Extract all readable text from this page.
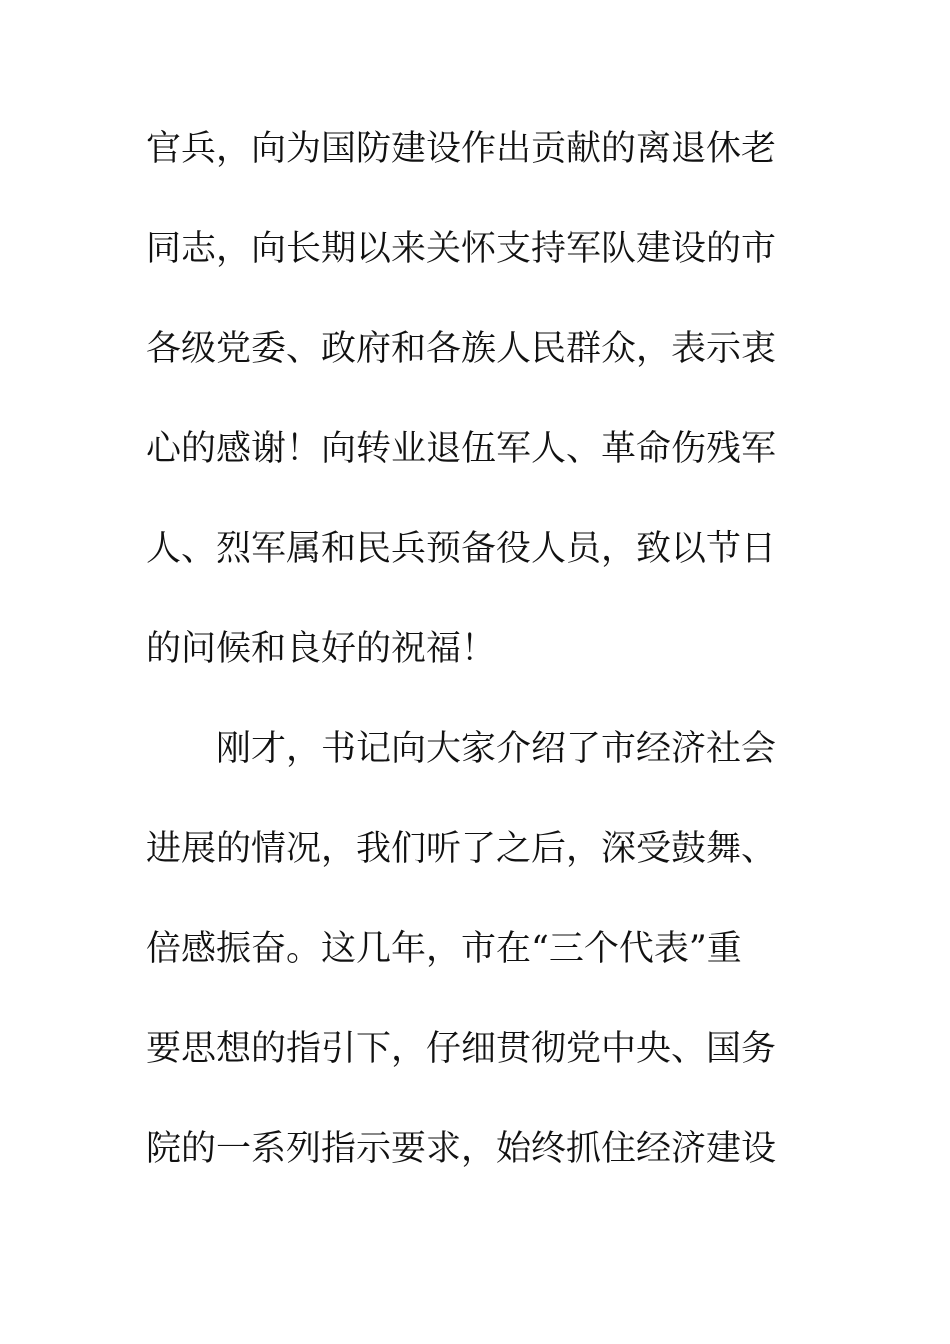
官兵，向为国防建设作出贡献的离退休老
同志，向长期以来关怀支持军队建设的市
各级党委、政府和各族人民群众，表示衷
心的感谢！向转业退伍军人、革命伤残军
人、烈军属和民兵预备役人员，致以节日
的问候和良好的祝福！
刚才，书记向大家介绍了市经济社会
进展的情况，我们听了之后，深受鼓舞、
倍感振奋。这几年，市在“三个代表”重
要思想的指引下，仔细贯彻党中央、国务
院的一系列指示要求，始终抓住经济建设
